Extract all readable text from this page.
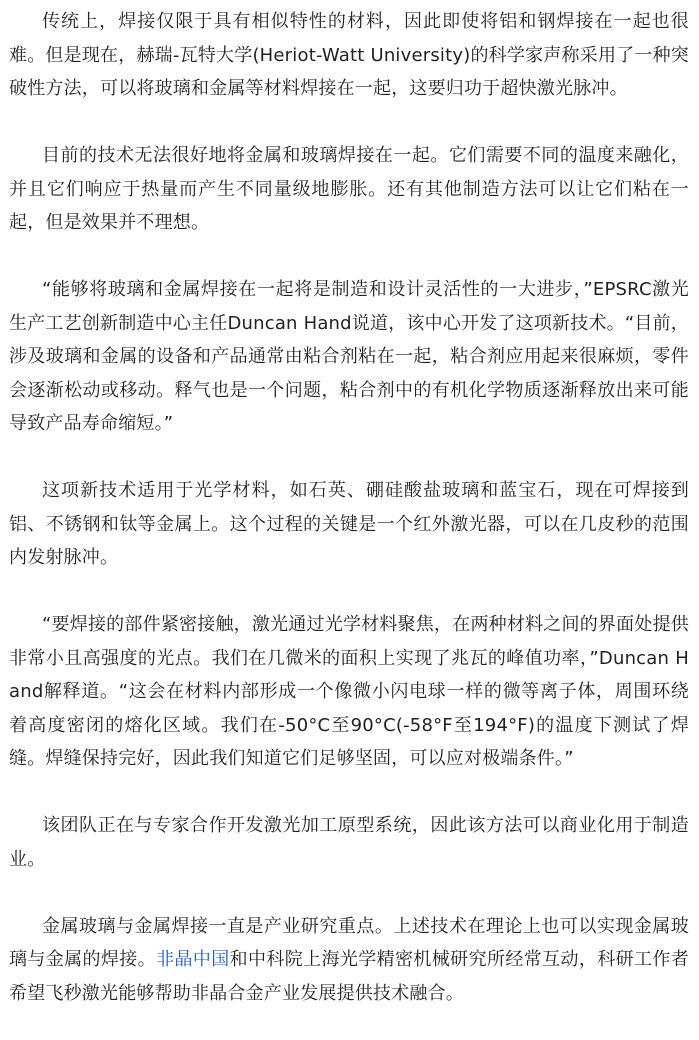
传统上，焊接仅限于具有相似特性的材料，因此即使将铝和钢焊接在一起也很难。但是现在，赫瑞-瓦特大学(Heriot-Watt University)的科学家声称采用了一种突破性方法，可以将玻璃和金属等材料焊接在一起，这要归功于超快激光脉冲。

目前的技术无法很好地将金属和玻璃焊接在一起。它们需要不同的温度来融化，并且它们响应于热量而产生不同量级地膨胀。还有其他制造方法可以让它们粘在一起，但是效果并不理想。

“能够将玻璃和金属焊接在一起将是制造和设计灵活性的一大进步，”EPSRC激光生产工艺创新制造中心主任Duncan Hand说道，该中心开发了这项新技术。“目前，涉及玻璃和金属的设备和产品通常由粘合剂粘在一起，粘合剂应用起来很麻烦，零件会逐渐松动或移动。释气也是一个问题，粘合剂中的有机化学物质逐渐释放出来可能导致产品寿命缩短。”

这项新技术适用于光学材料，如石英、硼硅酸盐玻璃和蓝宝石，现在可焊接到铝、不锈钢和钛等金属上。这个过程的关键是一个红外激光器，可以在几皮秒的范围内发射脉冲。

“要焊接的部件紧密接触，激光通过光学材料聚焦，在两种材料之间的界面处提供非常小且高强度的光点。我们在几微米的面积上实现了兆瓦的峰值功率，”Duncan Hand解释道。“这会在材料内部形成一个像微小闪电球一样的微等离子体，周围环绕着高度密闭的熔化区域。我们在-50°C至90°C(-58°F至194°F)的温度下测试了焊缝。焊缝保持完好，因此我们知道它们足够坚固，可以应对极端条件。”

该团队正在与专家合作开发激光加工原型系统，因此该方法可以商业化用于制造业。

金属玻璃与金属焊接一直是产业研究重点。上述技术在理论上也可以实现金属玻璃与金属的焊接。非晶中国和中科院上海光学精密机械研究所经常互动，科研工作者希望飞秒激光能够帮助非晶合金产业发展提供技术融合。
